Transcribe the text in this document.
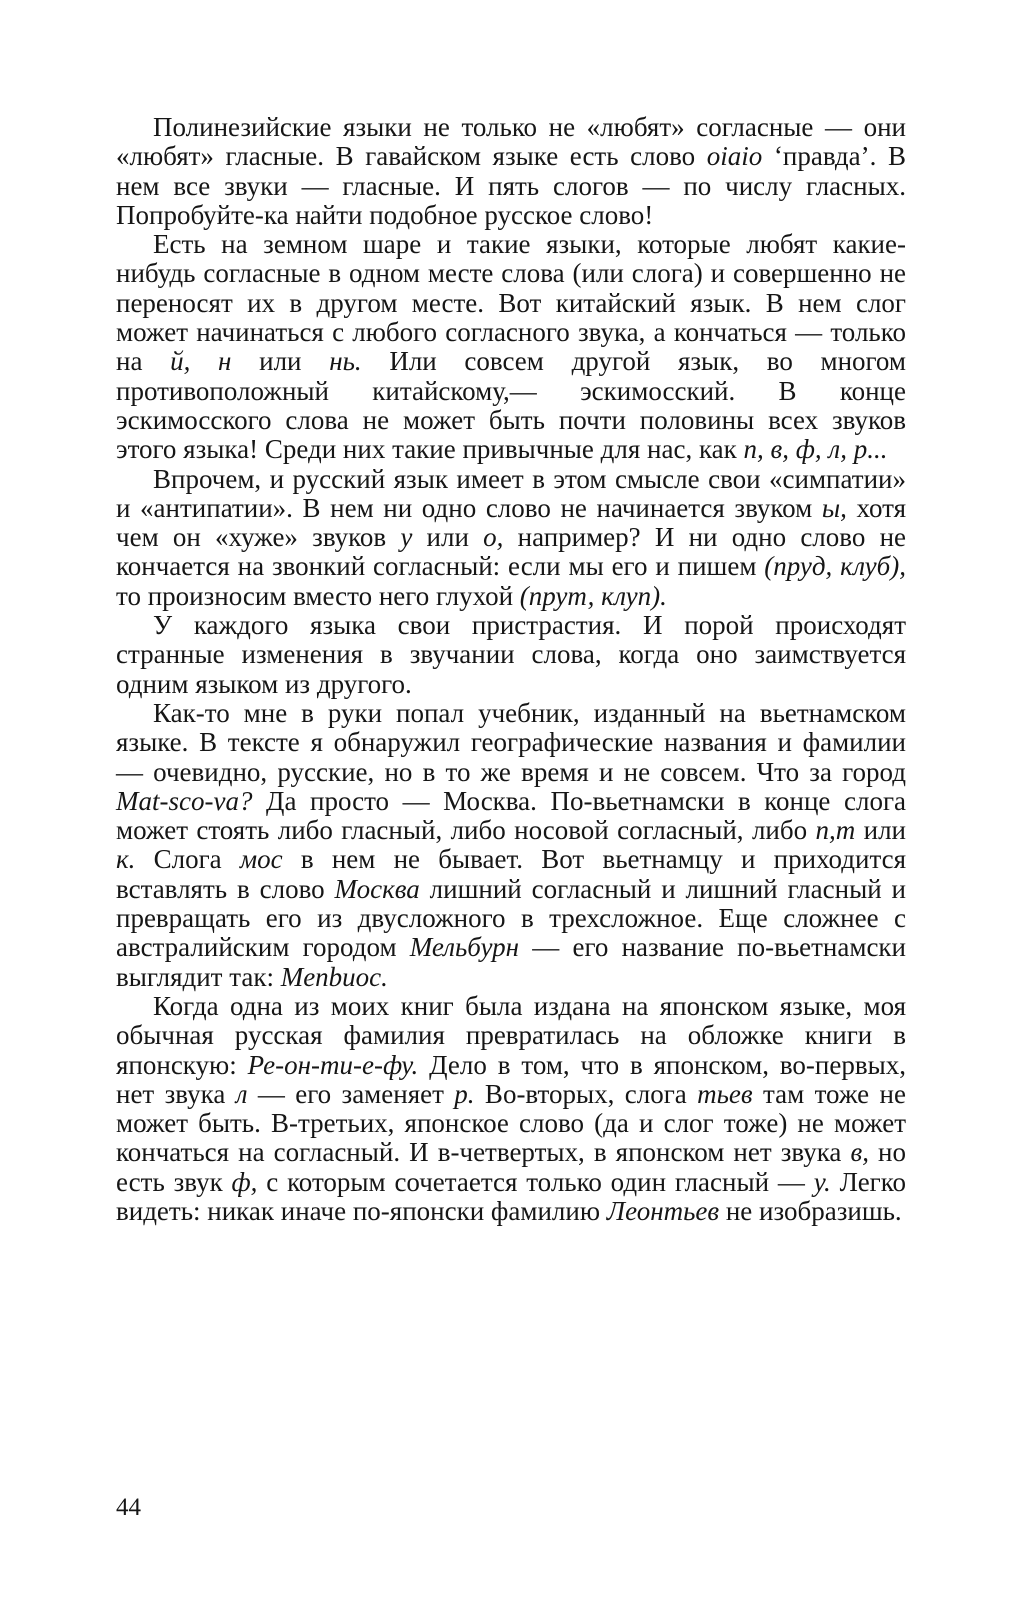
Полинезийские языки не только не «любят» согласные — они «любят» гласные. В гавайском языке есть слово oiaio ‘правда’. В нем все звуки — гласные. И пять слогов — по числу гласных. Попробуйте-ка найти подобное русское слово!

Есть на земном шаре и такие языки, которые любят какие-нибудь согласные в одном месте слова (или слога) и совершенно не переносят их в другом месте. Вот китайский язык. В нем слог может начинаться с любого согласного звука, а кончаться — только на й, н или нь. Или совсем другой язык, во многом противоположный китайскому,— эскимосский. В конце эскимосского слова не может быть почти половины всех звуков этого языка! Среди них такие привычные для нас, как п, в, ф, л, р...

Впрочем, и русский язык имеет в этом смысле свои «симпатии» и «антипатии». В нем ни одно слово не начинается звуком ы, хотя чем он «хуже» звуков у или о, например? И ни одно слово не кончается на звонкий согласный: если мы его и пишем (пруд, клуб), то произносим вместо него глухой (прут, клуп).

У каждого языка свои пристрастия. И порой происходят странные изменения в звучании слова, когда оно заимствуется одним языком из другого.

Как-то мне в руки попал учебник, изданный на вьетнамском языке. В тексте я обнаружил географические названия и фамилии — очевидно, русские, но в то же время и не совсем. Что за город Mat-sco-va? Да просто — Москва. По-вьетнамски в конце слога может стоять либо гласный, либо носовой согласный, либо п,т или к. Слога мос в нем не бывает. Вот вьетнамцу и приходится вставлять в слово Москва лишний согласный и лишний гласный и превращать его из двусложного в трехсложное. Еще сложнее с австралийским городом Мельбурн — его название по-вьетнамски выглядит так: Menbuoc.

Когда одна из моих книг была издана на японском языке, моя обычная русская фамилия превратилась на обложке книги в японскую: Ре-он-ти-е-фу. Дело в том, что в японском, во-первых, нет звука л — его заменяет р. Во-вторых, слога тьев там тоже не может быть. В-третьих, японское слово (да и слог тоже) не может кончаться на согласный. И в-четвертых, в японском нет звука в, но есть звук ф, с которым сочетается только один гласный — у. Легко видеть: никак иначе по-японски фамилию Леонтьев не изобразишь.

44
